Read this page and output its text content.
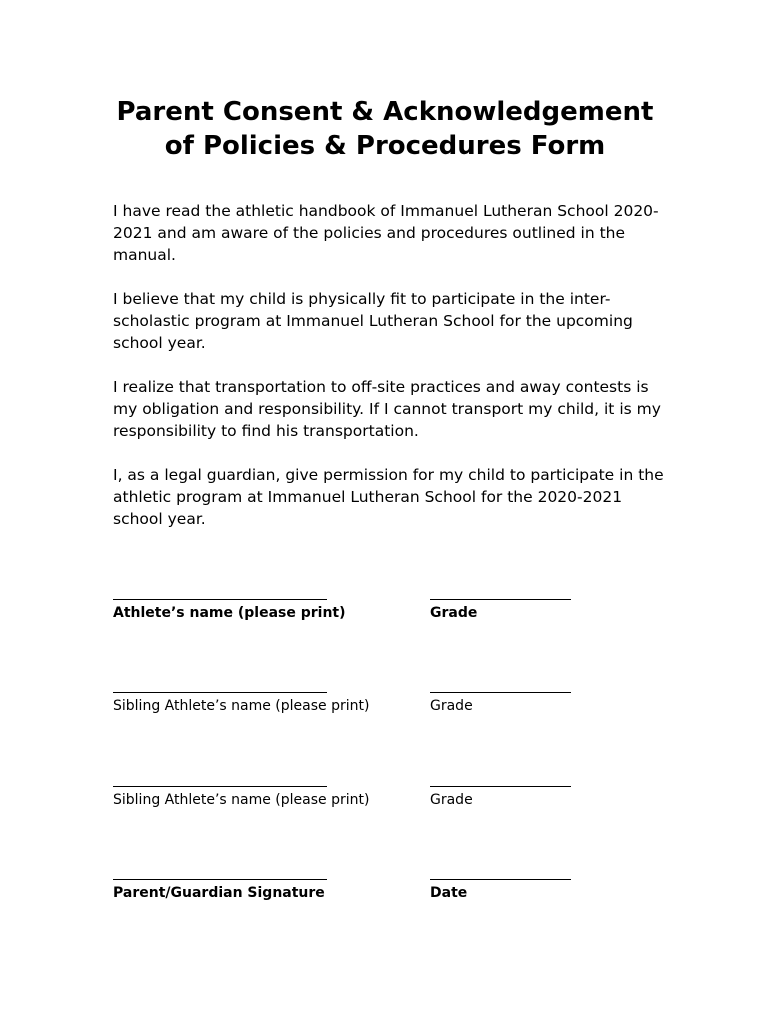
Parent Consent & Acknowledgement
of Policies & Procedures Form

I have read the athletic handbook of Immanuel Lutheran School 2020-2021 and am aware of the policies and procedures outlined in the manual.

I believe that my child is physically fit to participate in the inter-scholastic program at Immanuel Lutheran School for the upcoming school year.

I realize that transportation to off-site practices and away contests is my obligation and responsibility. If I cannot transport my child, it is my responsibility to find his transportation.

I, as a legal guardian, give permission for my child to participate in the athletic program at Immanuel Lutheran School for the 2020-2021 school year.

Athlete’s name (please print)	Grade
Sibling Athlete’s name (please print)	Grade
Sibling Athlete’s name (please print)	Grade
Parent/Guardian Signature	Date
